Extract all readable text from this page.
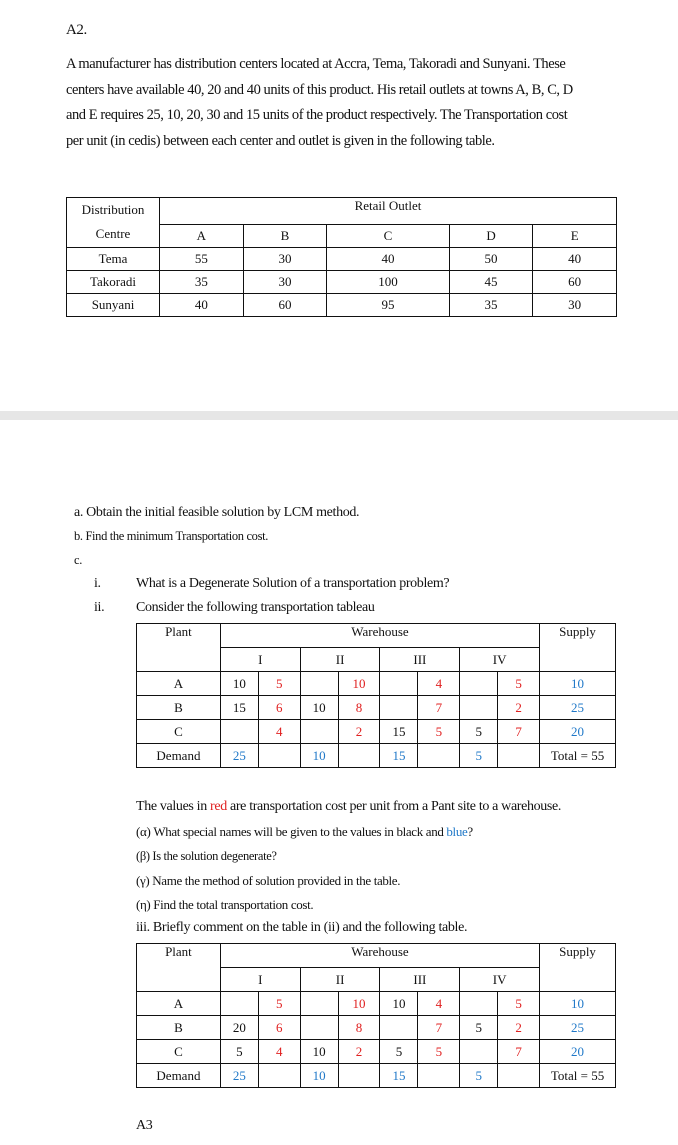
A2.
A manufacturer has distribution centers located at Accra, Tema, Takoradi and Sunyani. These
centers have available 40, 20 and 40 units of this product. His retail outlets at towns A, B, C, D
and E requires 25, 10, 20, 30 and 15 units of the product respectively. The Transportation cost
per unit (in cedis) between each center and outlet is given in the following table.
Distribution
Centre	Retail Outlet				
	A	B	C	D	E
Tema	55	30	40	50	40
Takoradi	35	30	100	45	60
Sunyani	40	60	95	35	30
a. Obtain the initial feasible solution by LCM method.
b. Find the minimum Transportation cost.
c.
i.	What is a Degenerate Solution of a transportation problem?
ii. Consider the following transportation tableau
Plant	Warehouse								Supply
	I		II		III		IV		
A	10	5		10		4		5	10
B	15	6	10	8		7		2	25
C		4		2	15	5	5	7	20
Demand	25		10		15		5		Total = 55
The values in red are transportation cost per unit from a Pant site to a warehouse.
(α) What special names will be given to the values in black and blue?
(β) Is the solution degenerate?
(γ) Name the method of solution provided in the table.
(η) Find the total transportation cost.
iii. Briefly comment on the table in (ii) and the following table.
Plant	Warehouse								Supply
	I		II		III		IV		
A		5		10	10	4		5	10
B	20	6		8		7	5	2	25
C	5	4	10	2	5	5		7	20
Demand	25		10		15		5		Total = 55
A3
